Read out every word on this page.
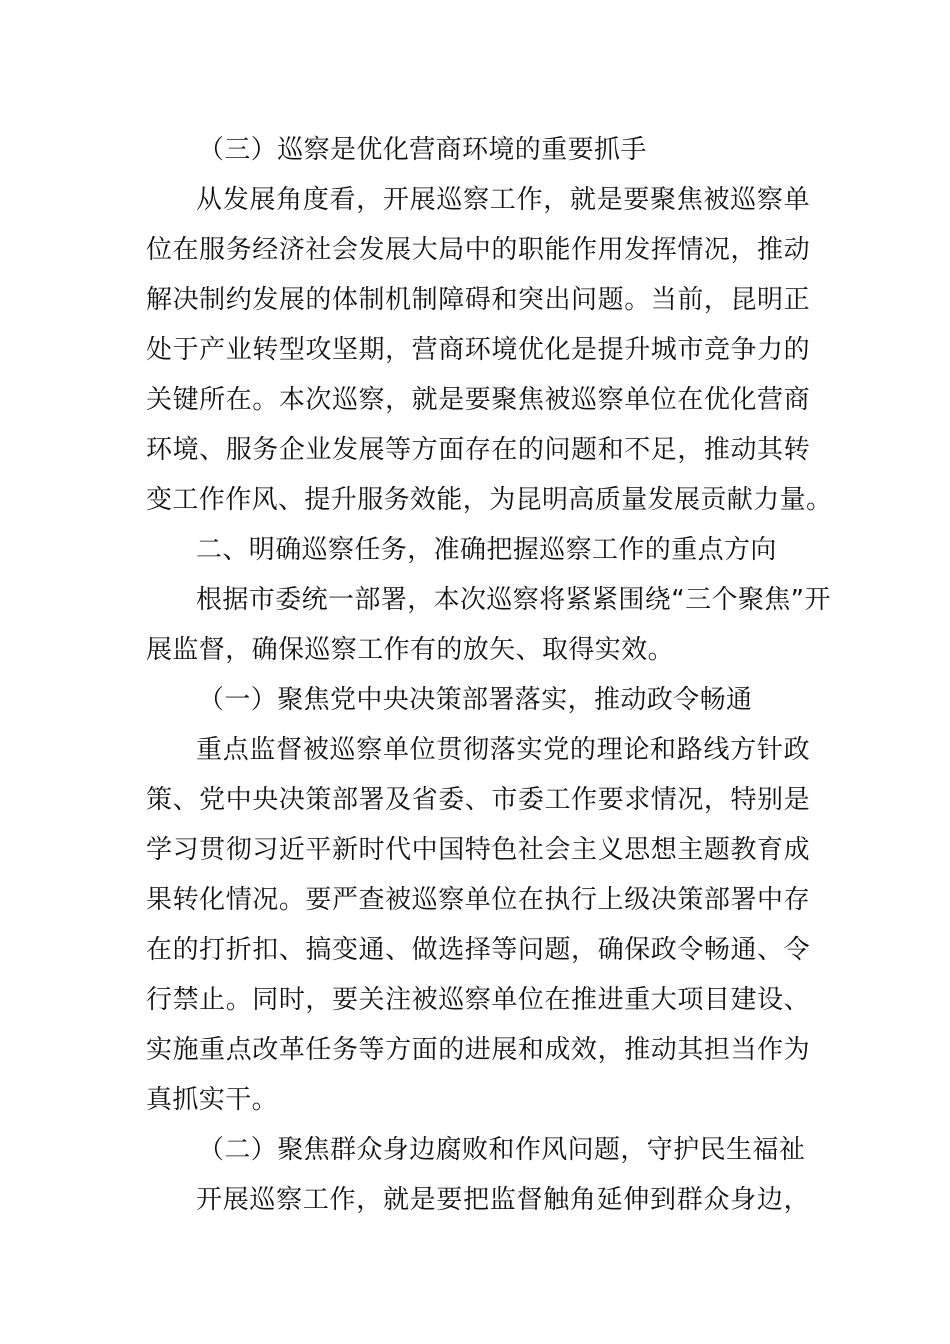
（三）巡察是优化营商环境的重要抓手
从发展角度看，开展巡察工作，就是要聚焦被巡察单
位在服务经济社会发展大局中的职能作用发挥情况，推动
解决制约发展的体制机制障碍和突出问题。当前，昆明正
处于产业转型攻坚期，营商环境优化是提升城市竞争力的
关键所在。本次巡察，就是要聚焦被巡察单位在优化营商
环境、服务企业发展等方面存在的问题和不足，推动其转
变工作作风、提升服务效能，为昆明高质量发展贡献力量。
二、明确巡察任务，准确把握巡察工作的重点方向
根据市委统一部署，本次巡察将紧紧围绕“三个聚焦”开
展监督，确保巡察工作有的放矢、取得实效。
（一）聚焦党中央决策部署落实，推动政令畅通
重点监督被巡察单位贯彻落实党的理论和路线方针政
策、党中央决策部署及省委、市委工作要求情况，特别是
学习贯彻习近平新时代中国特色社会主义思想主题教育成
果转化情况。要严查被巡察单位在执行上级决策部署中存
在的打折扣、搞变通、做选择等问题，确保政令畅通、令
行禁止。同时，要关注被巡察单位在推进重大项目建设、
实施重点改革任务等方面的进展和成效，推动其担当作为
真抓实干。
（二）聚焦群众身边腐败和作风问题，守护民生福祉
开展巡察工作，就是要把监督触角延伸到群众身边，
